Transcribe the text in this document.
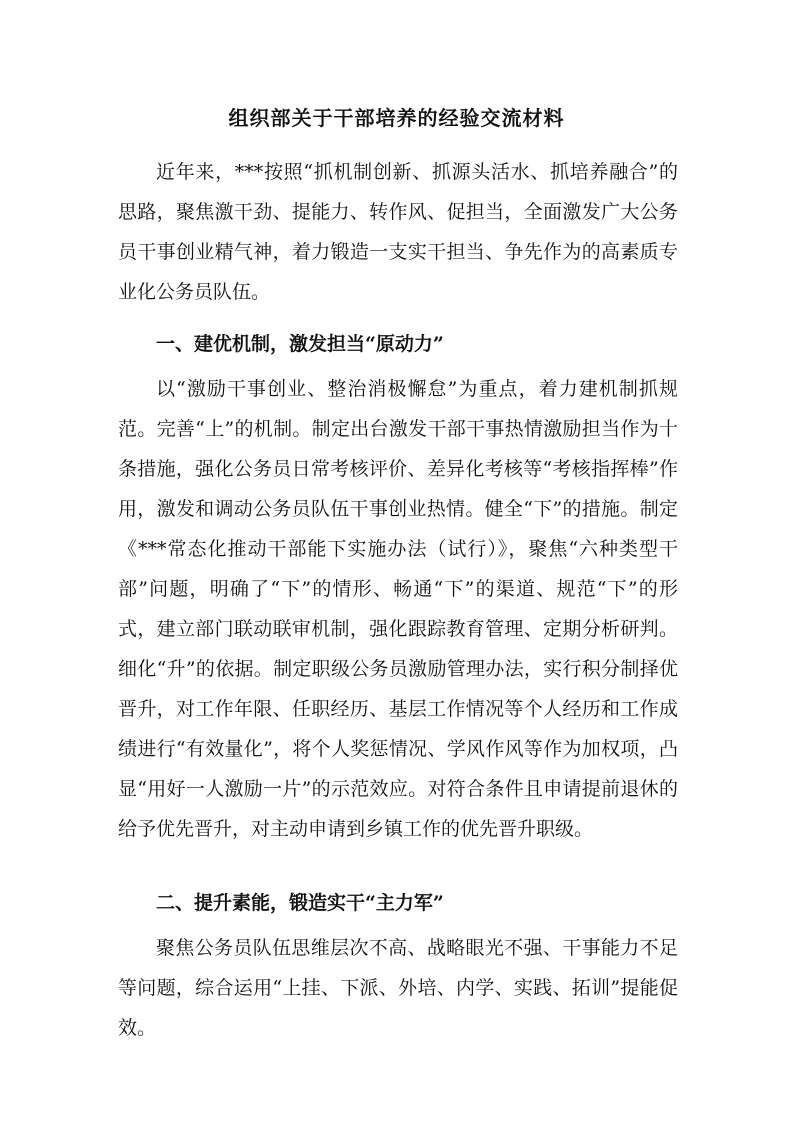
组织部关于干部培养的经验交流材料

近年来，***按照“抓机制创新、抓源头活水、抓培养融合”的思路，聚焦激干劲、提能力、转作风、促担当，全面激发广大公务员干事创业精气神，着力锻造一支实干担当、争先作为的高素质专业化公务员队伍。

一、建优机制，激发担当“原动力”

以“激励干事创业、整治消极懈怠”为重点，着力建机制抓规范。完善“上”的机制。制定出台激发干部干事热情激励担当作为十条措施，强化公务员日常考核评价、差异化考核等“考核指挥棒”作用，激发和调动公务员队伍干事创业热情。健全“下”的措施。制定《***常态化推动干部能下实施办法（试行）》，聚焦“六种类型干部”问题，明确了“下”的情形、畅通“下”的渠道、规范“下”的形式，建立部门联动联审机制，强化跟踪教育管理、定期分析研判。细化“升”的依据。制定职级公务员激励管理办法，实行积分制择优晋升，对工作年限、任职经历、基层工作情况等个人经历和工作成绩进行“有效量化”，将个人奖惩情况、学风作风等作为加权项，凸显“用好一人激励一片”的示范效应。对符合条件且申请提前退休的给予优先晋升，对主动申请到乡镇工作的优先晋升职级。

二、提升素能，锻造实干“主力军”

聚焦公务员队伍思维层次不高、战略眼光不强、干事能力不足等问题，综合运用“上挂、下派、外培、内学、实践、拓训”提能促效。
